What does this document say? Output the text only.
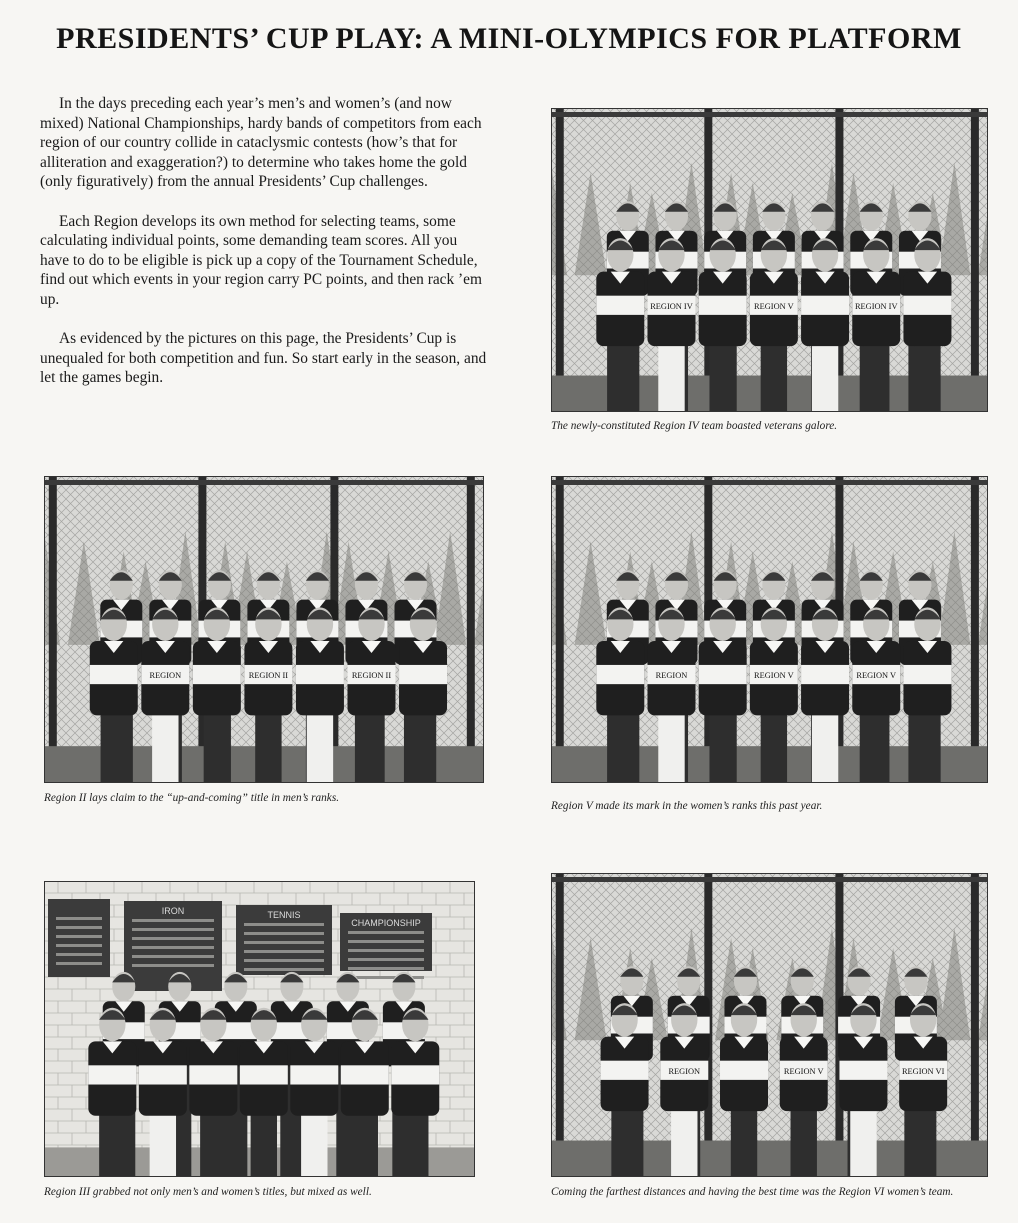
PRESIDENTS’ CUP PLAY: A MINI-OLYMPICS FOR PLATFORM

In the days preceding each year’s men’s and women’s (and now mixed) National Championships, hardy bands of competitors from each region of our country collide in cataclysmic contests (how’s that for alliteration and exaggeration?) to determine who takes home the gold (only figuratively) from the annual Presidents’ Cup challenges.

Each Region develops its own method for selecting teams, some calculating individual points, some demanding team scores. All you have to do to be eligible is pick up a copy of the Tournament Schedule, find out which events in your region carry PC points, and then rack ’em up.

As evidenced by the pictures on this page, the Presidents’ Cup is unequaled for both competition and fun. So start early in the season, and let the games begin.

REGION IV	REGION V	REGION IV
The newly-constituted Region IV team boasted veterans galore.
REGION	REGION II	REGION II
Region II lays claim to the “up-and-coming” title in men’s ranks.
REGION	REGION V	REGION V
Region V made its mark in the women’s ranks this past year.
IRON	TENNIS
CHAMPIONSHIP
Region III grabbed not only men’s and women’s titles, but mixed as well.
REGION	REGION V	REGION VI
Coming the farthest distances and having the best time was the Region VI women’s team.
